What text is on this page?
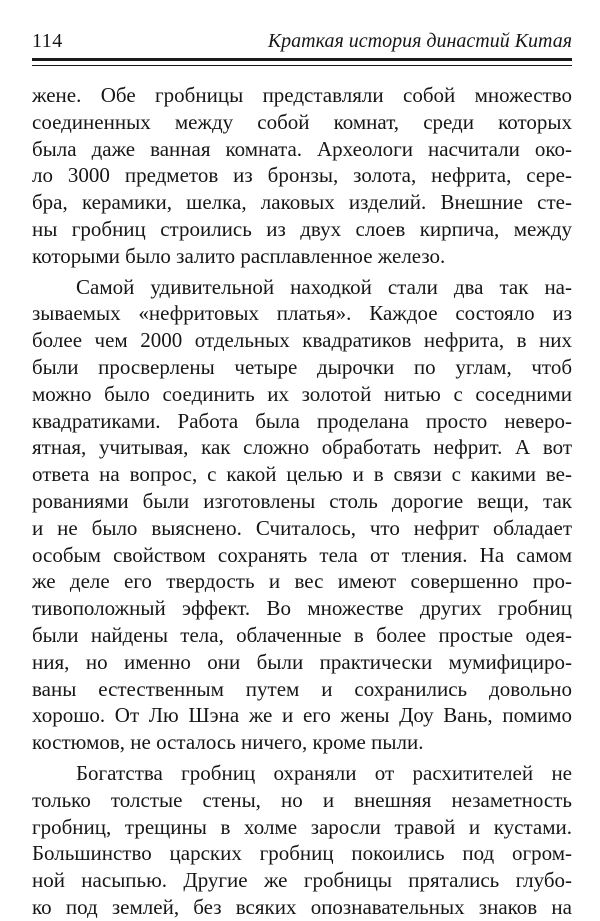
114	Краткая история династий Китая
жене. Обе гробницы представляли собой множество
соединенных между собой комнат, среди которых
была даже ванная комната. Археологи насчитали око-
ло 3000 предметов из бронзы, золота, нефрита, сере-
бра, керамики, шелка, лаковых изделий. Внешние сте-
ны гробниц строились из двух слоев кирпича, между
которыми было залито расплавленное железо.
Самой удивительной находкой стали два так на-
зываемых «нефритовых платья». Каждое состояло из
более чем 2000 отдельных квадратиков нефрита, в них
были просверлены четыре дырочки по углам, чтоб
можно было соединить их золотой нитью с соседними
квадратиками. Работа была проделана просто неверо-
ятная, учитывая, как сложно обработать нефрит. А вот
ответа на вопрос, с какой целью и в связи с какими ве-
рованиями были изготовлены столь дорогие вещи, так
и не было выяснено. Считалось, что нефрит обладает
особым свойством сохранять тела от тления. На самом
же деле его твердость и вес имеют совершенно про-
тивоположный эффект. Во множестве других гробниц
были найдены тела, облаченные в более простые одея-
ния, но именно они были практически мумифициро-
ваны естественным путем и сохранились довольно
хорошо. От Лю Шэна же и его жены Доу Вань, помимо
костюмов, не осталось ничего, кроме пыли.
Богатства гробниц охраняли от расхитителей не
только толстые стены, но и внешняя незаметность
гробниц, трещины в холме заросли травой и кустами.
Большинство царских гробниц покоились под огром-
ной насыпью. Другие же гробницы прятались глубо-
ко под землей, без всяких опознавательных знаков на
